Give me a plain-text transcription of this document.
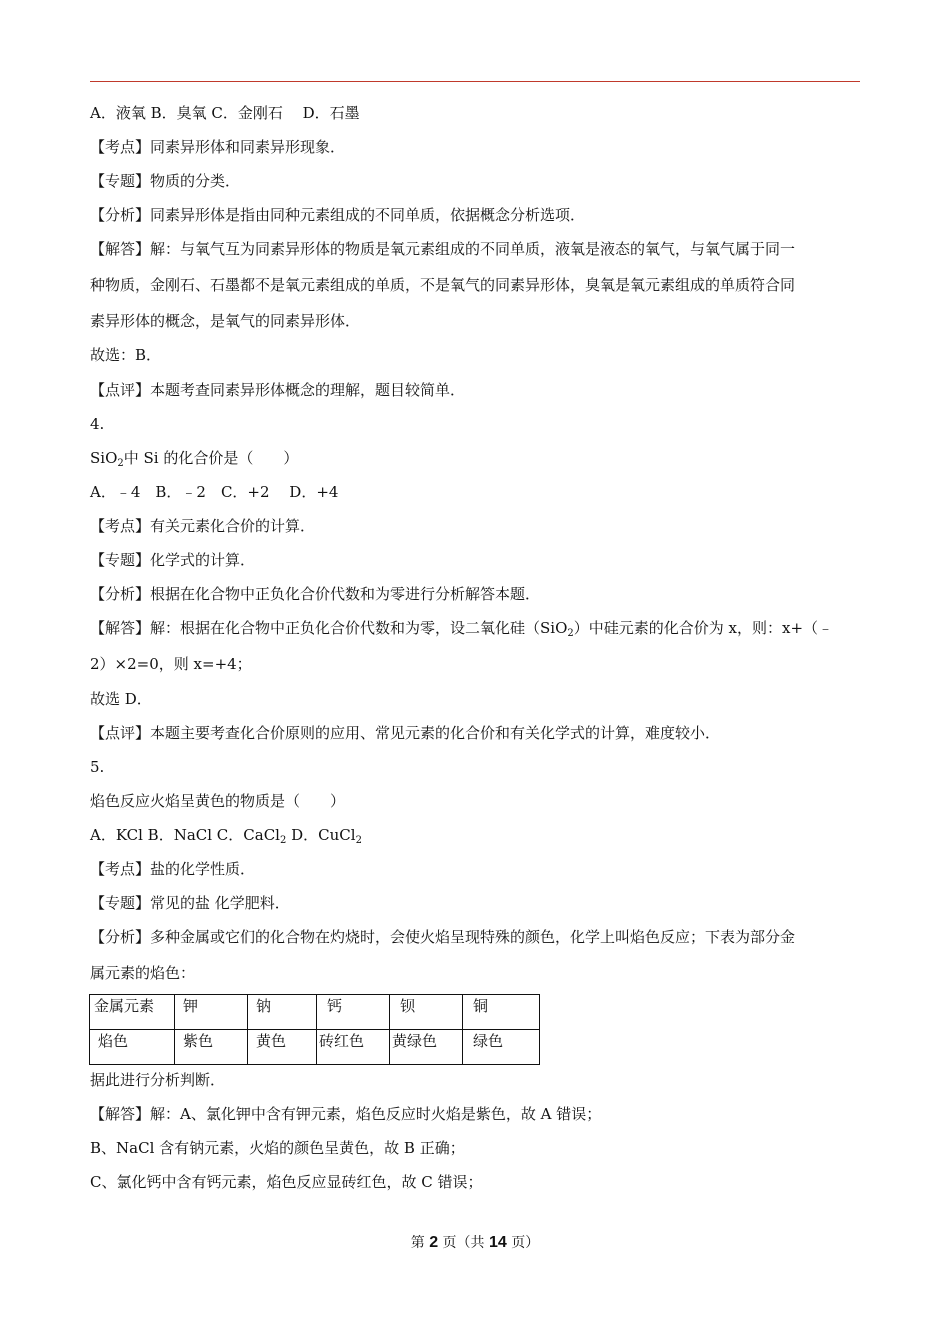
A．液氧 B．臭氧 C．金刚石　 D．石墨
【考点】同素异形体和同素异形现象．
【专题】物质的分类．
【分析】同素异形体是指由同种元素组成的不同单质，依据概念分析选项．
【解答】解：与氧气互为同素异形体的物质是氧元素组成的不同单质，液氧是液态的氧气，与氧气属于同一
种物质，金刚石、石墨都不是氧元素组成的单质，不是氧气的同素异形体，臭氧是氧元素组成的单质符合同
素异形体的概念，是氧气的同素异形体．
故选：B．
【点评】本题考查同素异形体概念的理解，题目较简单．
4.
SiO$_2$中 Si 的化合价是（　　）
A．﹣4　B．﹣2　C．+2　 D．+4
【考点】有关元素化合价的计算．
【专题】化学式的计算．
【分析】根据在化合物中正负化合价代数和为零进行分析解答本题．
【解答】解：根据在化合物中正负化合价代数和为零，设二氧化硅（SiO$_2$）中硅元素的化合价为 x，则：x+（﹣
2）×2=0，则 x=+4；
故选 D．
【点评】本题主要考查化合价原则的应用、常见元素的化合价和有关化学式的计算，难度较小．
5.
焰色反应火焰呈黄色的物质是（　　）
A．KCl B．NaCl C．CaCl$_2$ D．CuCl$_2$
【考点】盐的化学性质．
【专题】常见的盐 化学肥料．
【分析】多种金属或它们的化合物在灼烧时，会使火焰呈现特殊的颜色，化学上叫焰色反应；下表为部分金
属元素的焰色：
金属元素	钾	钠	钙	钡	铜
焰色	紫色	黄色	砖红色	黄绿色	绿色
据此进行分析判断．
【解答】解：A、氯化钾中含有钾元素，焰色反应时火焰是紫色，故 A 错误；
B、NaCl 含有钠元素，火焰的颜色呈黄色，故 B 正确；
C、氯化钙中含有钙元素，焰色反应显砖红色，故 C 错误；
第 2 页（共 14 页）
